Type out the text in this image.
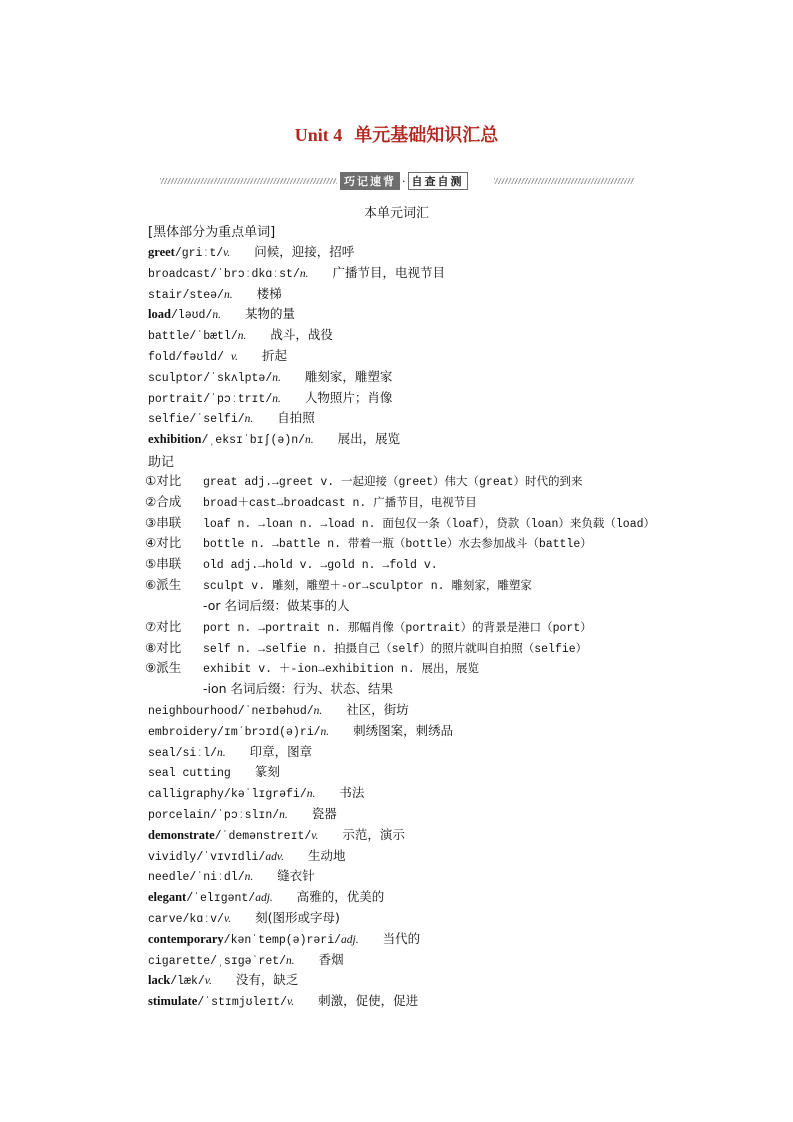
Unit 4 单元基础知识汇总
巧记速背 · 自查自测
本单元词汇
[黑体部分为重点单词]
greet/ɡriːt/v. 问候，迎接，招呼
broadcast/ˈbrɔːdkɑːst/n. 广播节目，电视节目
stair/steə/n. 楼梯
load/ləʊd/n. 某物的量
battle/ˈbætl/n. 战斗，战役
fold/fəʊld/ v. 折起
sculptor/ˈskʌlptə/n. 雕刻家，雕塑家
portrait/ˈpɔːtrɪt/n. 人物照片；肖像
selfie/ˈselfi/n. 自拍照
exhibition/ˌeksɪˈbɪʃ(ə)n/n. 展出，展览
助记
①对比 great adj.→greet v. 一起迎接（greet）伟大（great）时代的到来
②合成 broad＋cast→broadcast n. 广播节目，电视节目
③串联 loaf n. →loan n. →load n. 面包仅一条（loaf），贷款（loan）来负载（load）
④对比 bottle n. →battle n. 带着一瓶（bottle）水去参加战斗（battle）
⑤串联 old adj.→hold v. →gold n. →fold v.
⑥派生 sculpt v. 雕刻，雕塑＋-or→sculptor n. 雕刻家，雕塑家
⑦对比 port n. →portrait n. 那幅肖像（portrait）的背景是港口（port）
⑧对比 self n. →selfie n. 拍摄自己（self）的照片就叫自拍照（selfie）
⑨派生 exhibit v. ＋-ion→exhibition n. 展出，展览
-or 名词后缀：做某事的人
-ion 名词后缀：行为、状态、结果
neighbourhood/ˈneɪbəhʊd/n. 社区，街坊
embroidery/ɪmˈbrɔɪd(ə)ri/n. 刺绣图案，刺绣品
seal/siːl/n. 印章，图章
seal cutting 篆刻
calligraphy/kəˈlɪɡrəfi/n. 书法
porcelain/ˈpɔːslɪn/n. 瓷器
demonstrate/ˈdemənstreɪt/v. 示范，演示
vividly/ˈvɪvɪdli/adv. 生动地
needle/ˈniːdl/n. 缝衣针
elegant/ˈelɪɡənt/adj. 高雅的，优美的
carve/kɑːv/v. 刻(图形或字母)
contemporary/kənˈtemp(ə)rəri/adj. 当代的
cigarette/ˌsɪɡəˈret/n. 香烟
lack/læk/v. 没有，缺乏
stimulate/ˈstɪmjʊleɪt/v. 刺激，促使，促进
